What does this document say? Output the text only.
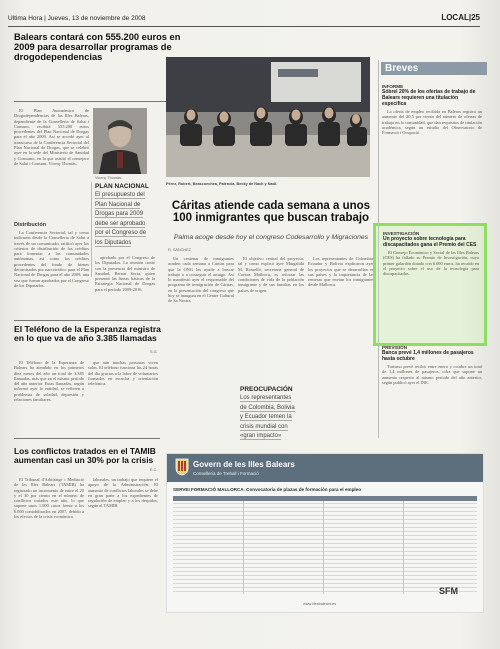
Ultima Hora | Jueves, 13 de noviembre de 2008	LOCAL|25
Balears contará con 555.200 euros en 2009 para desarrollar programas de drogodependencias

El Plan Autonómico de Drogodependencias de las Illes Balears, dependiente de la Conselleria de Salut i Consum, recibirá 555.200 euros procedentes del Plan Nacional de Drogas para el año 2009. Así se acordó ayer al transcurso de la Conferencia Sectorial del Plan Nacional de Drogas, que se celebró ayer en la sede del Ministerio de Sanidad y Consumo, en la que asistió el consejero de Salut i Consum, Vicenç Thomàs.

Vicenç Thomàs.
PLAN NACIONAL
El presupuesto del
Plan Nacional de
Drogas para 2009
debe ser aprobado
por el Congreso de
los Diputados
Distribución

La Conferencia Sectorial, tal y como indicaron desde la Conselleria de Salut a través de un comunicado, ratificó ayer los criterios de distribución de los créditos para fomentar a las comunidades autónomas, así como los créditos procedentes del fondo de bienes decomisados por narcotráfico para el Plan Nacional de Drogas para el año 2009, una vez que fueran aprobados por el Congreso de los Diputados.

aprobado por el Congreso de los Diputados. La reunión contó con la presencia del ministro de Sanidad, Bernat Soria, quien presentó las líneas básicas de la Estrategia Nacional de Drogas para el período 2009-2016.

El Teléfono de la Esperanza registra en lo que va de año 3.385 llamadas
S.G.

El Teléfono de la Esperanza de Balears ha atendido en los primeros diez meses del año un total de 3.385 llamadas, más que en el mismo período del año anterior. Estas llamadas, según informó ayer la entidad, se refieren a problemas de soledad, depresión y relaciones familiares.

que aún muchas personas viven solas. El teléfono funciona las 24 horas del día gracias a la labor de voluntarios formados en escucha y orientación telefónica.

Los conflictos tratados en el TAMIB aumentan casi un 30% por la crisis
E.C.

El Tribunal d'Arbitratge i Mediació de les Illes Balears (TAMIB) ha registrado un incremento de entre el 20 y el 30 por ciento en el número de conflictos tratados este año, lo que supone unos 1.000 casos frente a los 6.000 contabilizados en 2007, debido a los efectos de la crisis económica.

laborales, un trabajo que requiere el apoyo de la Administración. El aumento de conflictos laborales se debe en gran parte a los expedientes de regulación de empleo y a los despidos, según el TAMIB.

Pérez, Rubert, Beascoechea, Palencia, Becky de Nach y Nadi.
Cáritas atiende cada semana a unos 100 inmigrantes que buscan trabajo
Palma acoge desde hoy el congreso Codesarrollo y Migraciones
R. SANCHEZ

Un centenar de inmigrantes acuden cada semana a Cáritas para que la ONG les ayude a buscar trabajo o a conseguir el arraigo. Así lo manifestó ayer el responsable del programa de inmigración de Cáritas, en la presentación del congreso que hoy se inaugura en el Centre Cultural de Sa Nostra.

El objetivo central del proyecto, tal y como explicó ayer Margalida M. Rosselló, secretaria general de Caritas Mallorca, es reforzar las condiciones de vida de la población inmigrante y de sus familias en los países de origen.

Los representantes de Colombia, Ecuador y Bolivia explicaron ayer los proyectos que se desarrollan en sus países y la importancia de las remesas que envían los inmigrantes desde Mallorca.

PREOCUPACIÓN
Los representantes
de Colombia, Bolivia
y Ecuador temen la
crisis mundial con
«gran impacto»
Breves
INFORME
Sóbrel 20% de los ofertas de trabajo de Balears requieren una titulación específica

La oferta de empleo recibida en Balears registra un aumento del 20,5 por ciento del número de ofertas de trabajo en la comunidad, que dan requisitos de titulación académica, según un estudio del Observatorio de Formació i Ocupació.

INVESTIGACIÓN
Un proyecto sobre tecnología para discapacitados gana el Premio del CES

El Consejo Económico y Social de las Illes Balears (CES) ha fallado su Premio de Investigación, cuyo primer galardón dotado con 6.000 euros, ha recaído en el proyecto sobre el uso de la tecnología para discapacitados.

PREVISIÓN
Banca prevé 1,4 millones de pasajeros hasta octubre

Turismo prevé recibir entre enero y octubre un total de 1,4 millones de pasajeros, cifra que supone un aumento respecto al mismo período del año anterior, según publicó ayer el INE.

Govern de les Illes Balears
Conselleria de Treball i Formació
SERVEI FORMACIÓ MALLORCA. Convocatoria de plazas de formación para el empleo
SFM
www.illesbalears.es
